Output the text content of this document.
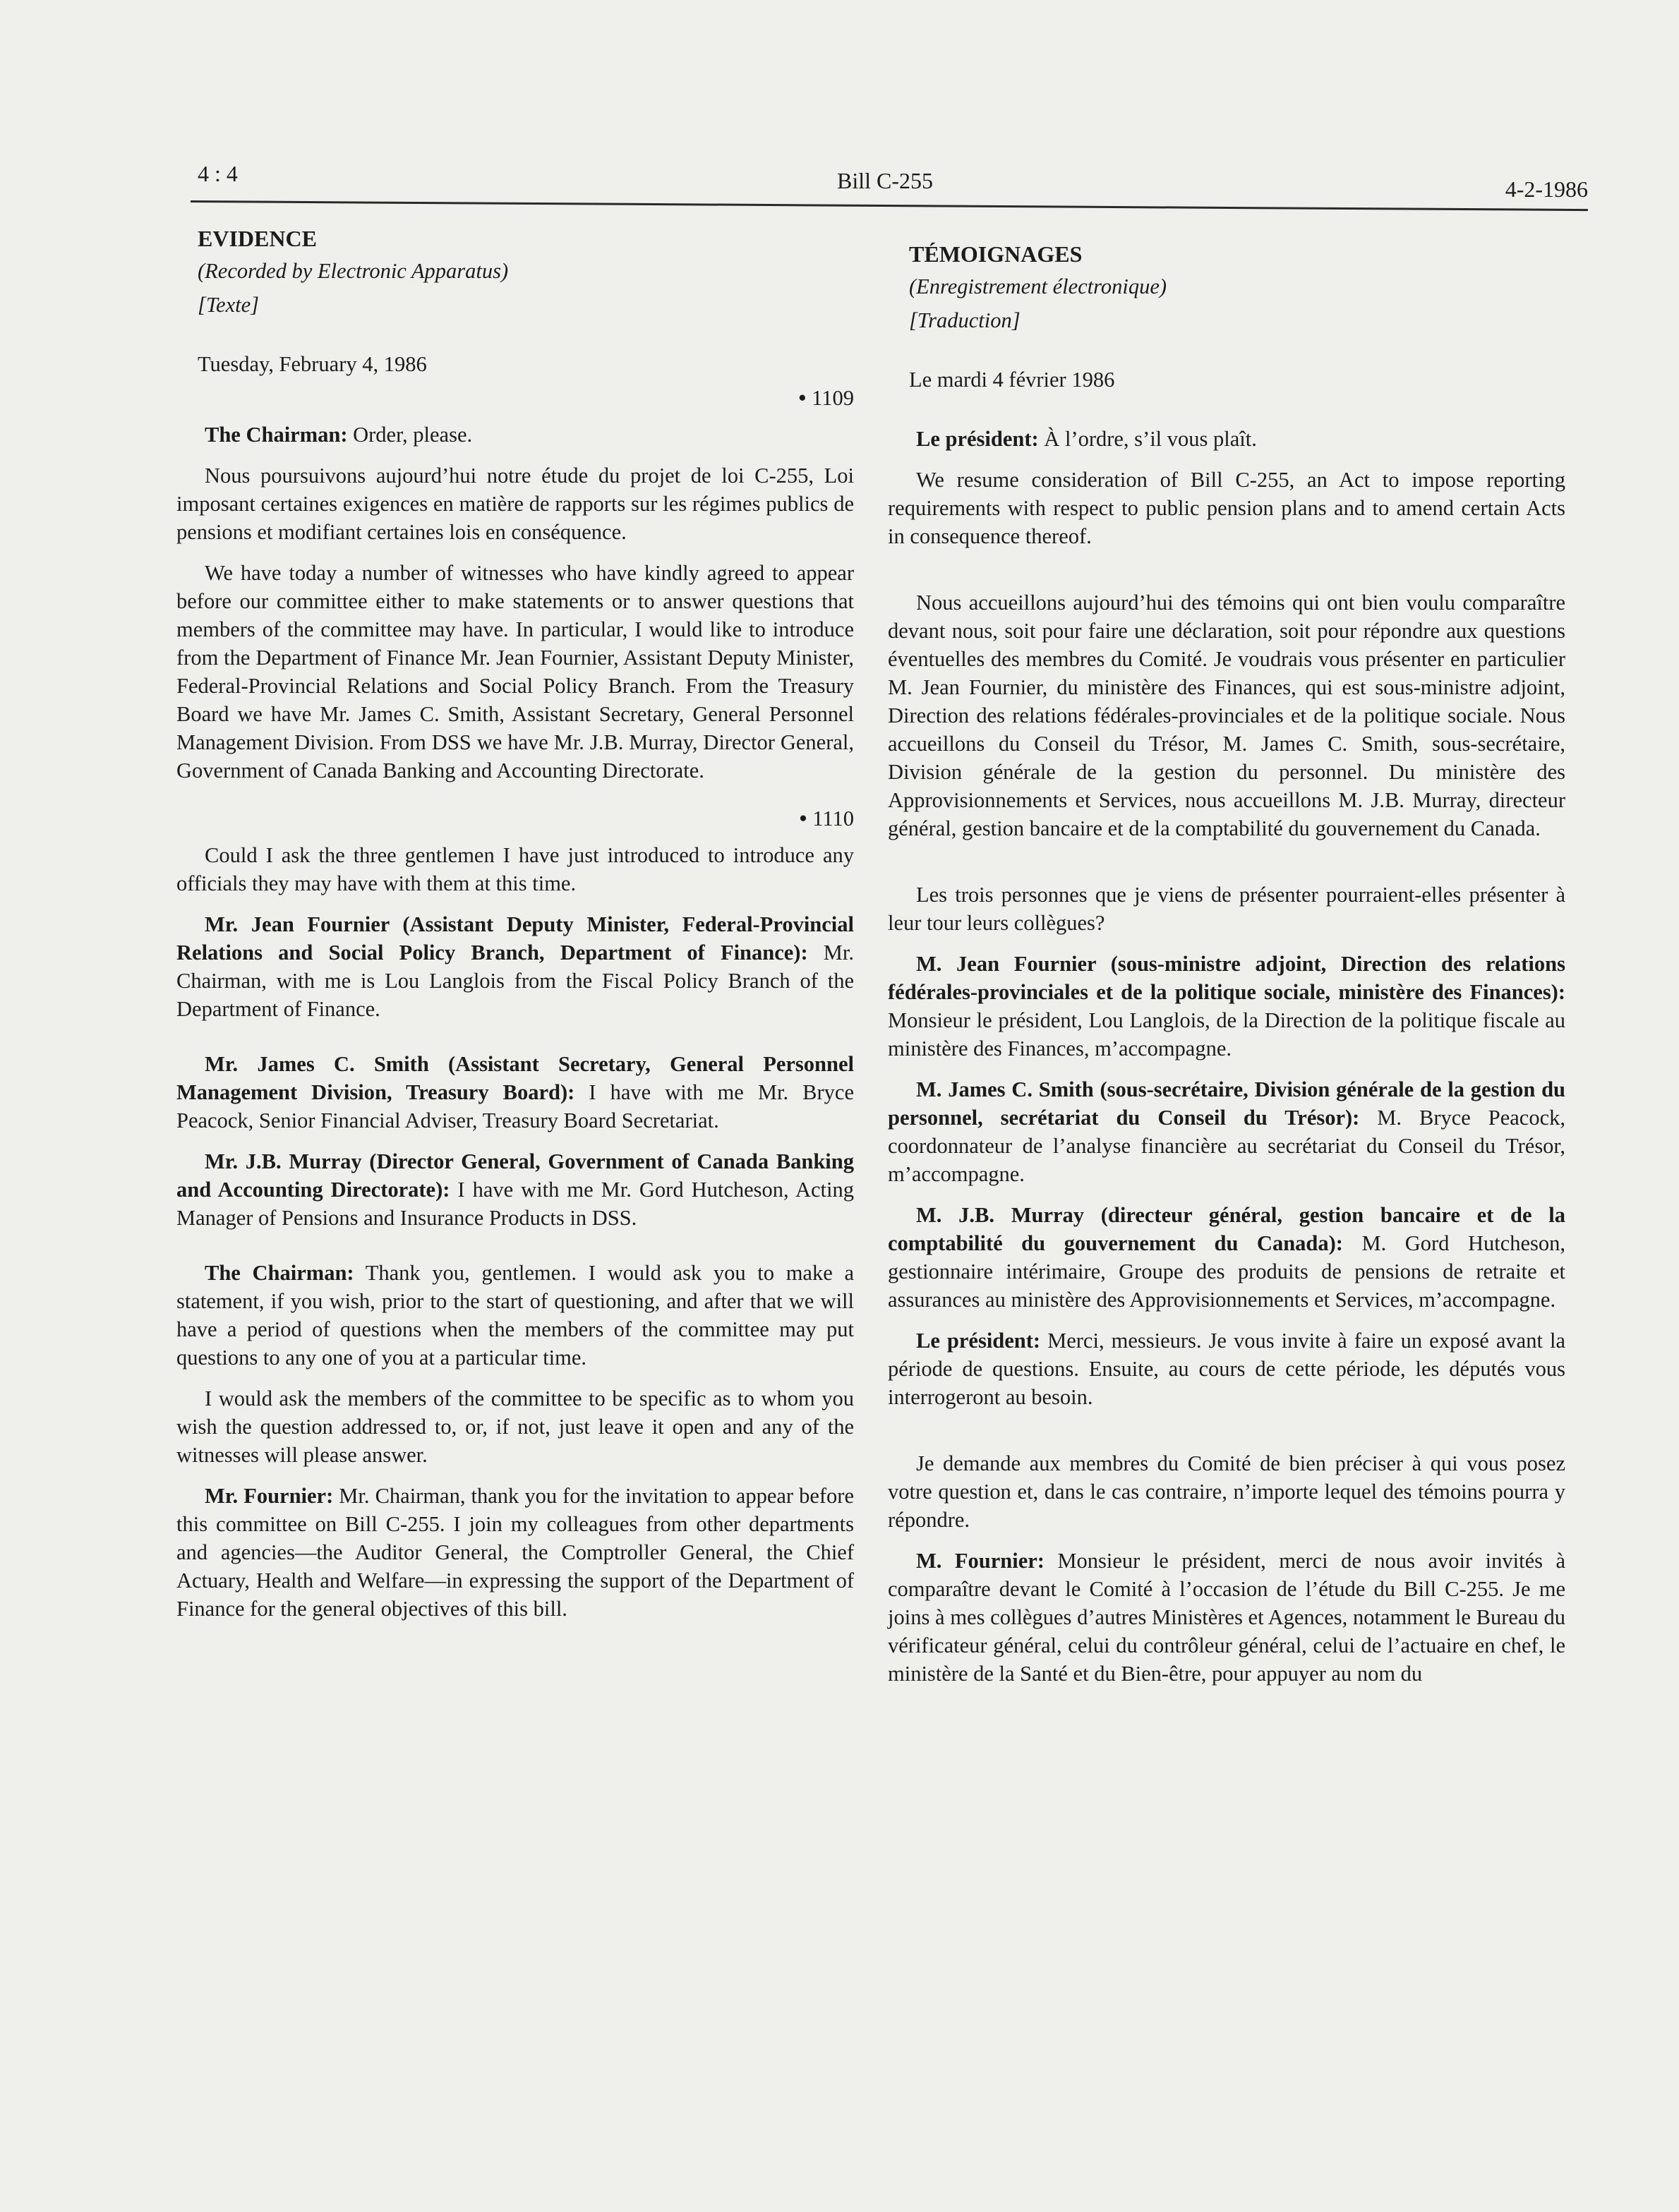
4 : 4	Bill C-255	4-2-1986
EVIDENCE
(Recorded by Electronic Apparatus)
[Texte]
Tuesday, February 4, 1986
• 1109

The Chairman: Order, please.

Nous poursuivons aujourd’hui notre étude du projet de loi C-255, Loi imposant certaines exigences en matière de rapports sur les régimes publics de pensions et modifiant certaines lois en conséquence.

We have today a number of witnesses who have kindly agreed to appear before our committee either to make statements or to answer questions that members of the committee may have. In particular, I would like to introduce from the Department of Finance Mr. Jean Fournier, Assistant Deputy Minister, Federal-Provincial Relations and Social Policy Branch. From the Treasury Board we have Mr. James C. Smith, Assistant Secretary, General Personnel Management Division. From DSS we have Mr. J.B. Murray, Director General, Government of Canada Banking and Accounting Directorate.

• 1110

Could I ask the three gentlemen I have just introduced to introduce any officials they may have with them at this time.

Mr. Jean Fournier (Assistant Deputy Minister, Federal-Provincial Relations and Social Policy Branch, Department of Finance): Mr. Chairman, with me is Lou Langlois from the Fiscal Policy Branch of the Department of Finance.

Mr. James C. Smith (Assistant Secretary, General Personnel Management Division, Treasury Board): I have with me Mr. Bryce Peacock, Senior Financial Adviser, Treasury Board Secretariat.

Mr. J.B. Murray (Director General, Government of Canada Banking and Accounting Directorate): I have with me Mr. Gord Hutcheson, Acting Manager of Pensions and Insurance Products in DSS.

The Chairman: Thank you, gentlemen. I would ask you to make a statement, if you wish, prior to the start of questioning, and after that we will have a period of questions when the members of the committee may put questions to any one of you at a particular time.

I would ask the members of the committee to be specific as to whom you wish the question addressed to, or, if not, just leave it open and any of the witnesses will please answer.

Mr. Fournier: Mr. Chairman, thank you for the invitation to appear before this committee on Bill C-255. I join my colleagues from other departments and agencies—the Auditor General, the Comptroller General, the Chief Actuary, Health and Welfare—in expressing the support of the Department of Finance for the general objectives of this bill.

TÉMOIGNAGES
(Enregistrement électronique)
[Traduction]
Le mardi 4 février 1986

Le président: À l’ordre, s’il vous plaît.

We resume consideration of Bill C-255, an Act to impose reporting requirements with respect to public pension plans and to amend certain Acts in consequence thereof.

Nous accueillons aujourd’hui des témoins qui ont bien voulu comparaître devant nous, soit pour faire une déclaration, soit pour répondre aux questions éventuelles des membres du Comité. Je voudrais vous présenter en particulier M. Jean Fournier, du ministère des Finances, qui est sous-ministre adjoint, Direction des relations fédérales-provinciales et de la politique sociale. Nous accueillons du Conseil du Trésor, M. James C. Smith, sous-secrétaire, Division générale de la gestion du personnel. Du ministère des Approvisionnements et Services, nous accueillons M. J.B. Murray, directeur général, gestion bancaire et de la comptabilité du gouvernement du Canada.

Les trois personnes que je viens de présenter pourraient-elles présenter à leur tour leurs collègues?

M. Jean Fournier (sous-ministre adjoint, Direction des relations fédérales-provinciales et de la politique sociale, ministère des Finances): Monsieur le président, Lou Langlois, de la Direction de la politique fiscale au ministère des Finances, m’accompagne.

M. James C. Smith (sous-secrétaire, Division générale de la gestion du personnel, secrétariat du Conseil du Trésor): M. Bryce Peacock, coordonnateur de l’analyse financière au secrétariat du Conseil du Trésor, m’accompagne.

M. J.B. Murray (directeur général, gestion bancaire et de la comptabilité du gouvernement du Canada): M. Gord Hutcheson, gestionnaire intérimaire, Groupe des produits de pensions de retraite et assurances au ministère des Approvisionnements et Services, m’accompagne.

Le président: Merci, messieurs. Je vous invite à faire un exposé avant la période de questions. Ensuite, au cours de cette période, les députés vous interrogeront au besoin.

Je demande aux membres du Comité de bien préciser à qui vous posez votre question et, dans le cas contraire, n’importe lequel des témoins pourra y répondre.

M. Fournier: Monsieur le président, merci de nous avoir invités à comparaître devant le Comité à l’occasion de l’étude du Bill C-255. Je me joins à mes collègues d’autres Ministères et Agences, notamment le Bureau du vérificateur général, celui du contrôleur général, celui de l’actuaire en chef, le ministère de la Santé et du Bien-être, pour appuyer au nom du
